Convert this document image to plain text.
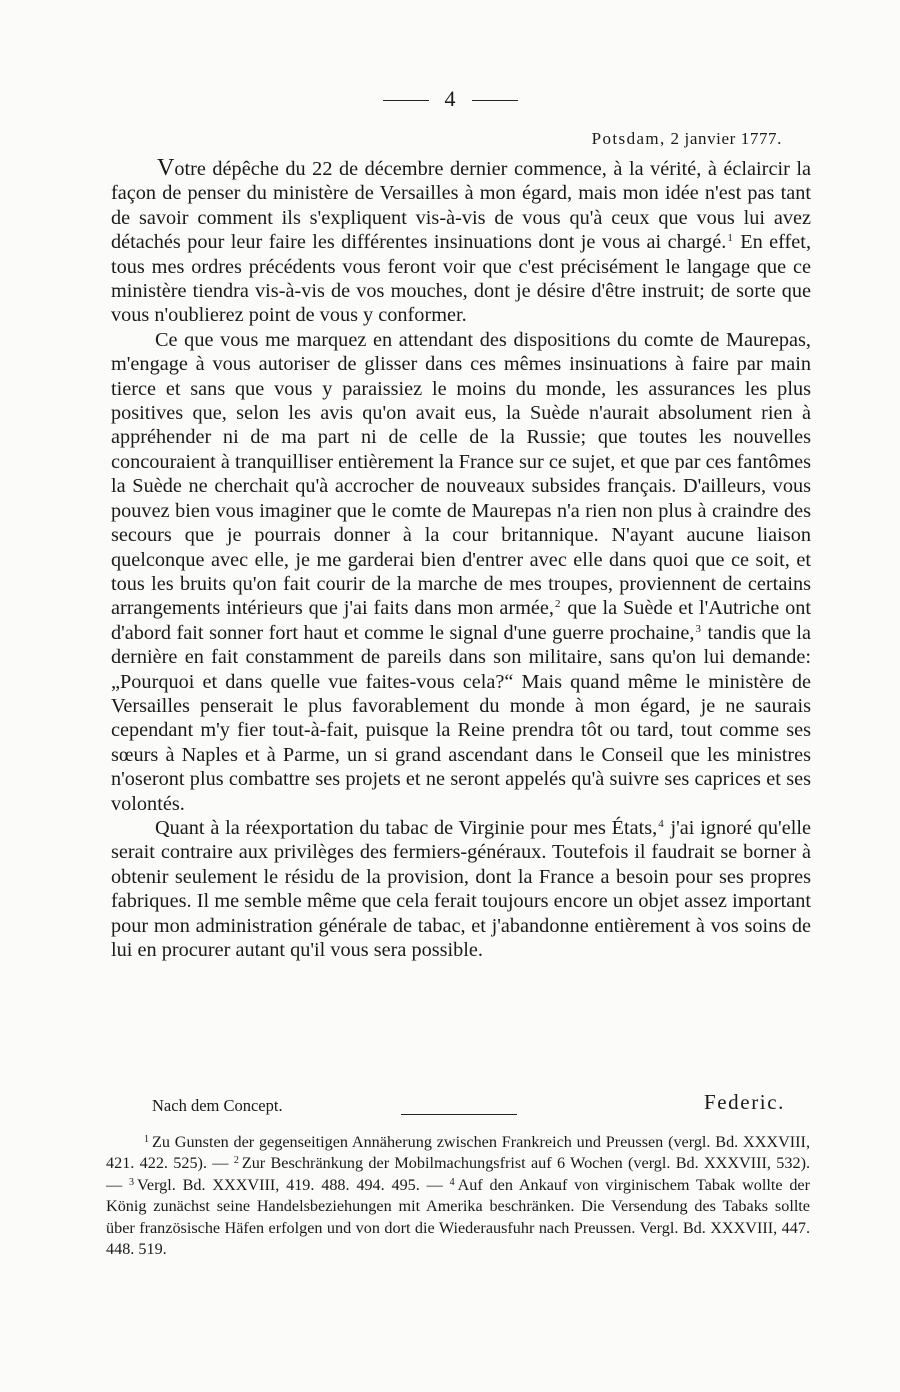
4
Potsdam, 2 janvier 1777.

Votre dépêche du 22 de décembre dernier commence, à la vérité, à éclaircir la façon de penser du ministère de Versailles à mon égard, mais mon idée n'est pas tant de savoir comment ils s'expliquent vis-à-vis de vous qu'à ceux que vous lui avez détachés pour leur faire les différentes insinuations dont je vous ai chargé.$^1$ En effet, tous mes ordres précédents vous feront voir que c'est précisément le langage que ce ministère tiendra vis-à-vis de vos mouches, dont je désire d'être instruit; de sorte que vous n'oublierez point de vous y conformer.

Ce que vous me marquez en attendant des dispositions du comte de Maurepas, m'engage à vous autoriser de glisser dans ces mêmes insinuations à faire par main tierce et sans que vous y paraissiez le moins du monde, les assurances les plus positives que, selon les avis qu'on avait eus, la Suède n'aurait absolument rien à appréhender ni de ma part ni de celle de la Russie; que toutes les nouvelles concouraient à tranquilliser entièrement la France sur ce sujet, et que par ces fantômes la Suède ne cherchait qu'à accrocher de nouveaux subsides français. D'ailleurs, vous pouvez bien vous imaginer que le comte de Maurepas n'a rien non plus à craindre des secours que je pourrais donner à la cour britannique. N'ayant aucune liaison quelconque avec elle, je me garderai bien d'entrer avec elle dans quoi que ce soit, et tous les bruits qu'on fait courir de la marche de mes troupes, proviennent de certains arrangements intérieurs que j'ai faits dans mon armée,$^2$ que la Suède et l'Autriche ont d'abord fait sonner fort haut et comme le signal d'une guerre prochaine,$^3$ tandis que la dernière en fait constamment de pareils dans son militaire, sans qu'on lui demande: „Pourquoi et dans quelle vue faites-vous cela?“ Mais quand même le ministère de Versailles penserait le plus favorablement du monde à mon égard, je ne saurais cependant m'y fier tout-à-fait, puisque la Reine prendra tôt ou tard, tout comme ses sœurs à Naples et à Parme, un si grand ascendant dans le Conseil que les ministres n'oseront plus combattre ses projets et ne seront appelés qu'à suivre ses caprices et ses volontés.

Quant à la réexportation du tabac de Virginie pour mes États,$^4$ j'ai ignoré qu'elle serait contraire aux privilèges des fermiers-généraux. Toutefois il faudrait se borner à obtenir seulement le résidu de la provision, dont la France a besoin pour ses propres fabriques. Il me semble même que cela ferait toujours encore un objet assez important pour mon administration générale de tabac, et j'abandonne entièrement à vos soins de lui en procurer autant qu'il vous sera possible.

Nach dem Concept.	Federic.

$^1$ Zu Gunsten der gegenseitigen Annäherung zwischen Frankreich und Preussen (vergl. Bd. XXXVIII, 421. 422. 525). — $^2$ Zur Beschränkung der Mobilmachungsfrist auf 6 Wochen (vergl. Bd. XXXVIII, 532). — $^3$ Vergl. Bd. XXXVIII, 419. 488. 494. 495. — $^4$ Auf den Ankauf von virginischem Tabak wollte der König zunächst seine Handelsbeziehungen mit Amerika beschränken. Die Versendung des Tabaks sollte über französische Häfen erfolgen und von dort die Wiederausfuhr nach Preussen. Vergl. Bd. XXXVIII, 447. 448. 519.
